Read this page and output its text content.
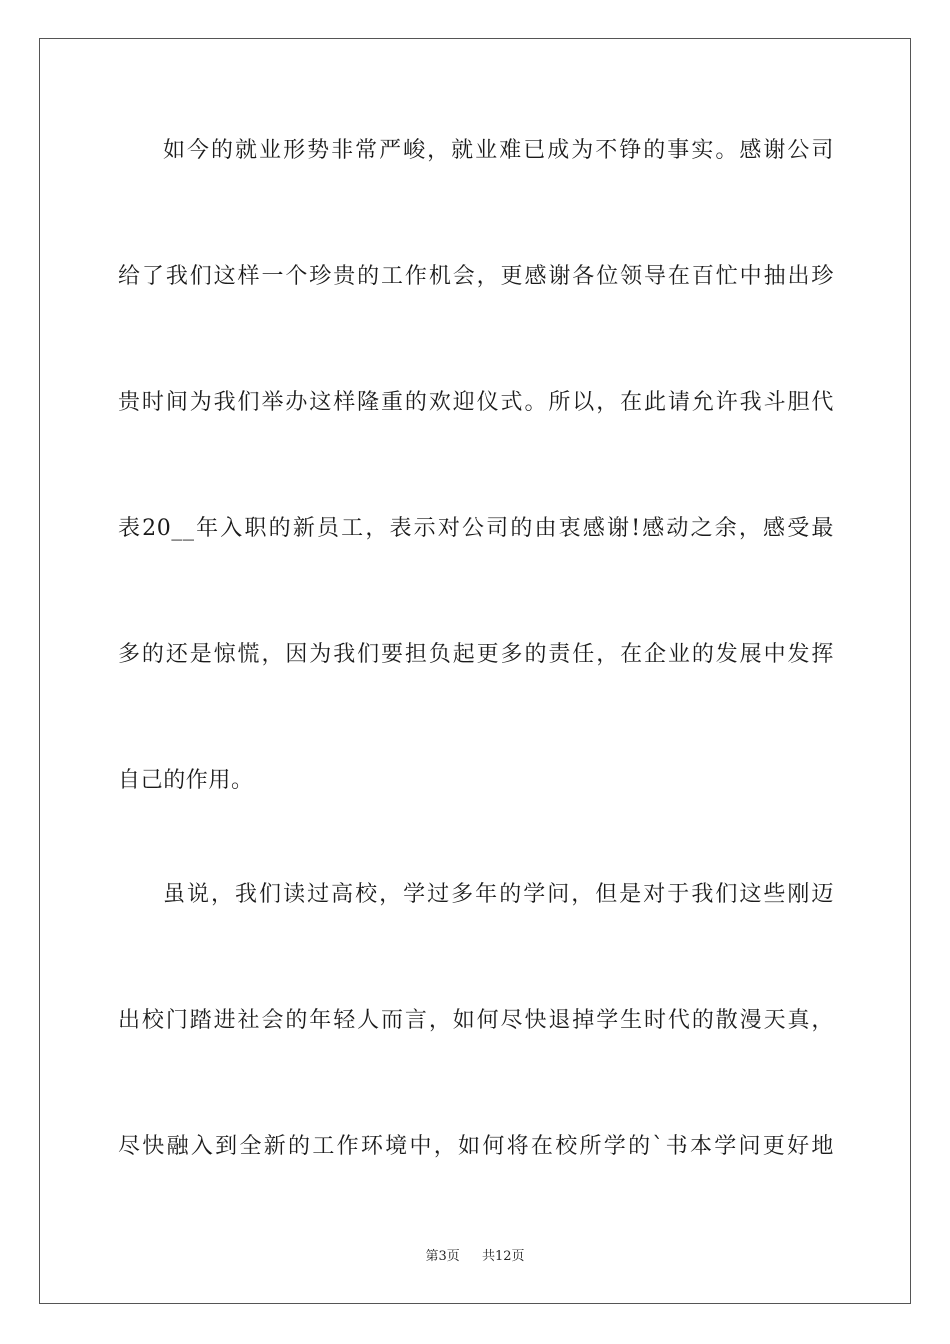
如今的就业形势非常严峻，就业难已成为不铮的事实。感谢公司
给了我们这样一个珍贵的工作机会，更感谢各位领导在百忙中抽出珍
贵时间为我们举办这样隆重的欢迎仪式。所以，在此请允许我斗胆代
表20__年入职的新员工，表示对公司的由衷感谢!感动之余，感受最
多的还是惊慌，因为我们要担负起更多的责任，在企业的发展中发挥
自己的作用。
虽说，我们读过高校，学过多年的学问，但是对于我们这些刚迈
出校门踏进社会的年轻人而言，如何尽快退掉学生时代的散漫天真，
尽快融入到全新的工作环境中，如何将在校所学的`书本学问更好地
第3页 共12页
